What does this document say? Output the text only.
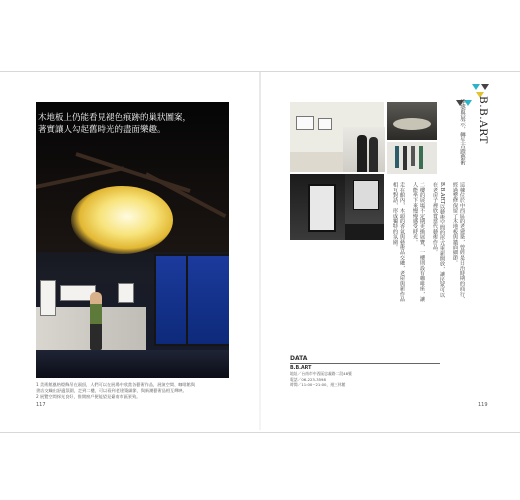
木地板上仍能看見褪色痕跡的巢狀圖案，
著實讓人勾起舊時光的盡面樂趣。
1 美術館風格燈飾吊在頭頂，人們可以在展場中欣賞各藝術作品，展演空間、咖啡館與
書店交織出舒適氛圍，走到二樓，可以看到老建築細節，與新潮藝術品相互輝映。
2 展覽空間採光良好，推開窗戶便能望見臺南市區景致。
117
B.B.ART
建築與展示，轉生古蹟藝術

這棟位於中西區的老建築，曾經是日治時期的商行，經過整修保留了木地板與牆面細節。

B.B.ART以藝術空間的形式重新開放，讓民眾可以在老房子裡欣賞當代藝術作品。

二樓的展場不定期更換展覽，一樓則設有咖啡座，讓人能坐下來慢慢感受時光。

走在館內，木頭的香氣與藝術品交融，老屋與新作品相互對話，形成獨特的氛圍。

DATA
B.B.ART
地址／台南市中西區忠義路二段48號
電話／06-223-3598
時間／11:00~21:00，週三休館
119
